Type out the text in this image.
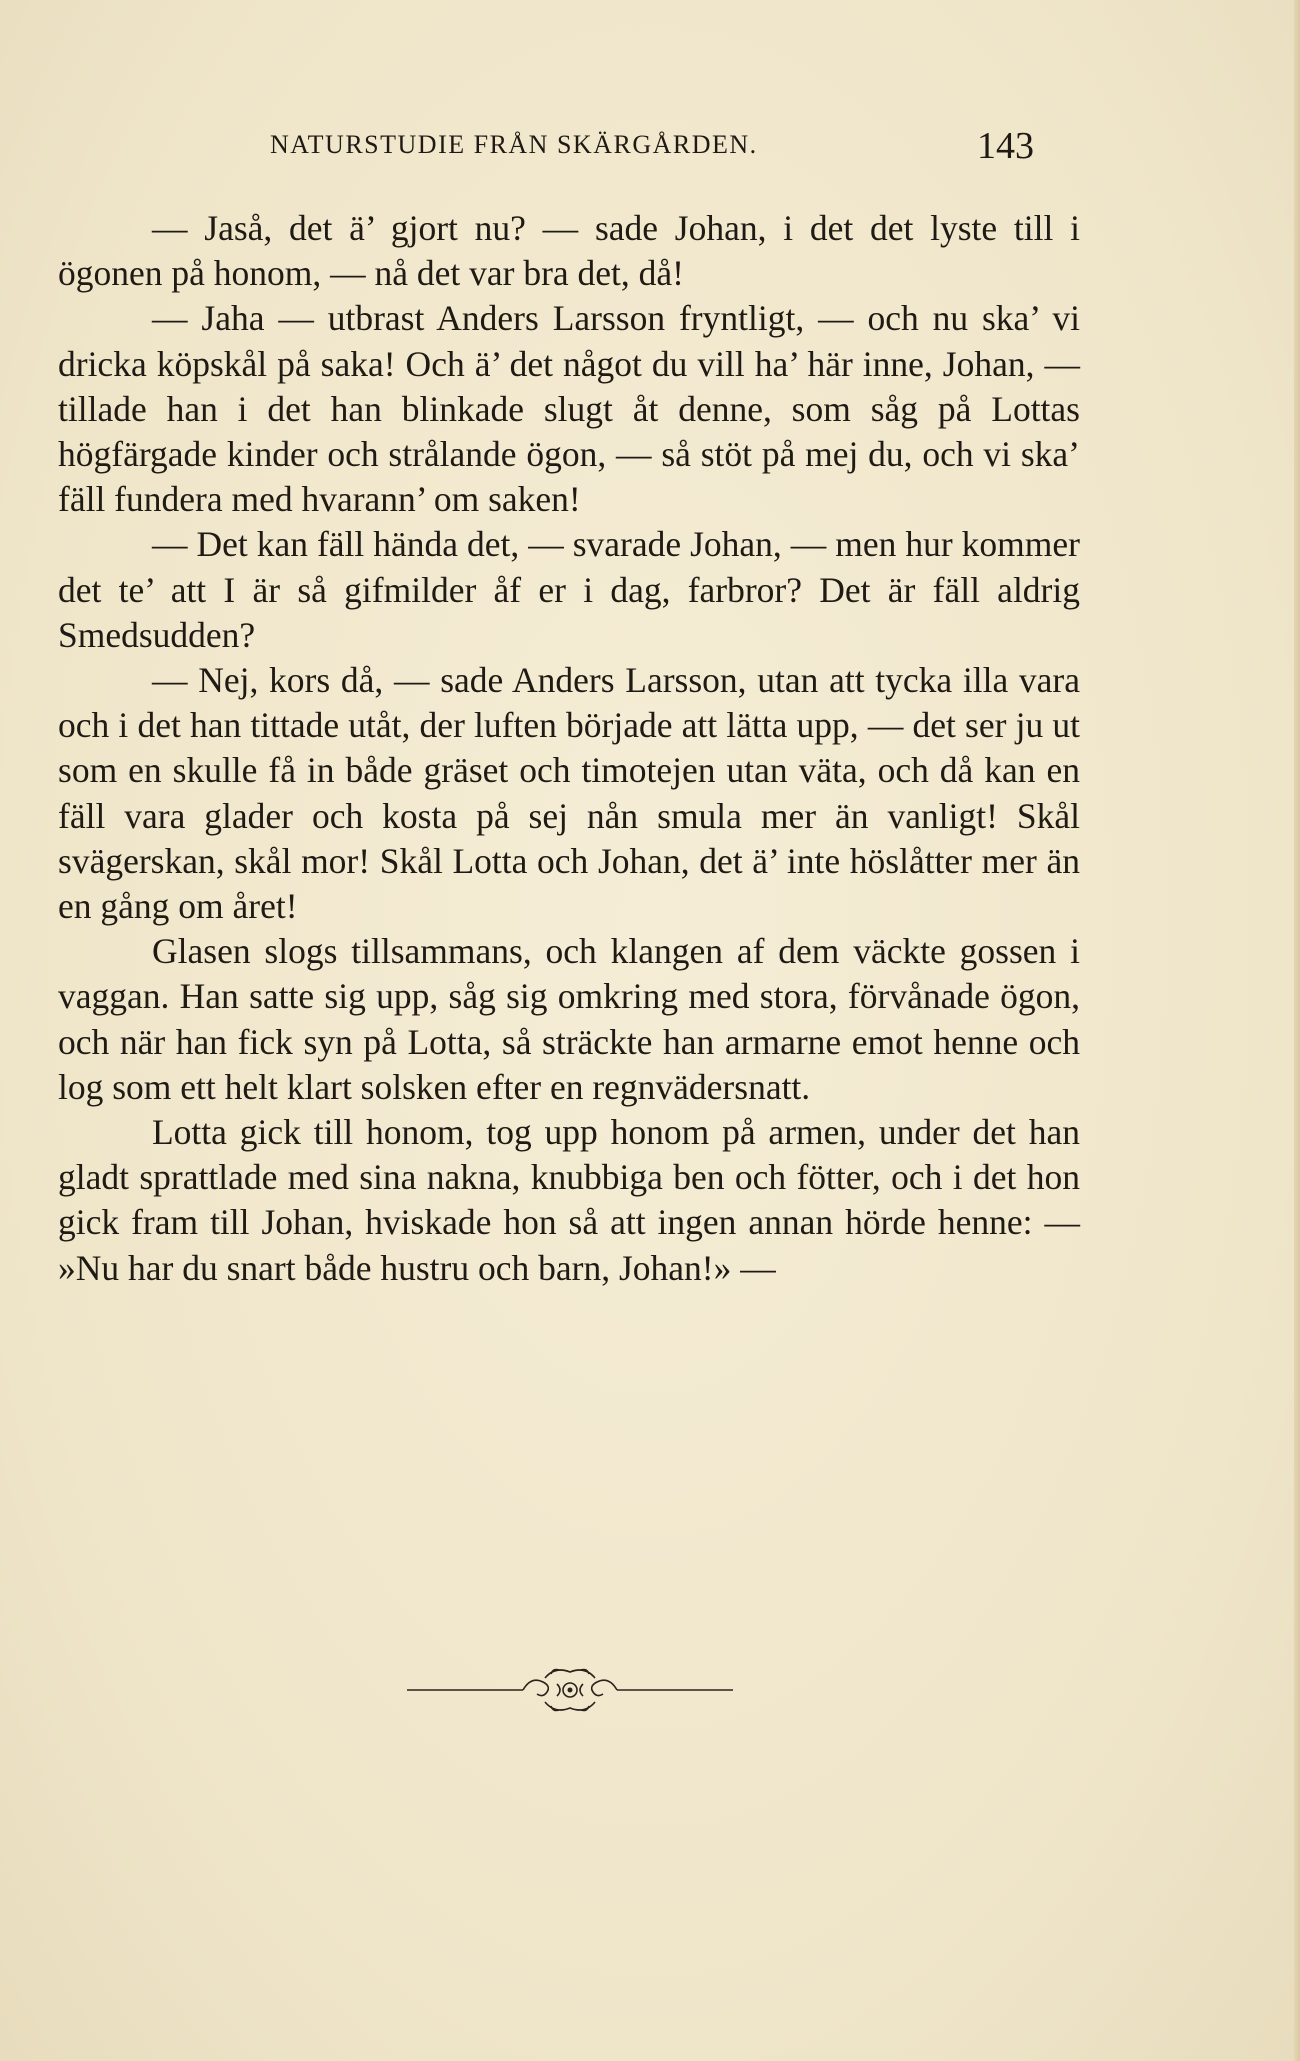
NATURSTUDIE FRÅN SKÄRGÅRDEN.	143

— Jaså, det ä’ gjort nu? — sade Johan, i det det lyste till i ögonen på honom, — nå det var bra det, då!

— Jaha — utbrast Anders Larsson fryntligt, — och nu ska’ vi dricka köpskål på saka! Och ä’ det något du vill ha’ här inne, Johan, — tillade han i det han blinkade slugt åt denne, som såg på Lottas högfärgade kinder och strålande ögon, — så stöt på mej du, och vi ska’ fäll fundera med hvarann’ om saken!

— Det kan fäll hända det, — svarade Johan, — men hur kommer det te’ att I är så gifmilder åf er i dag, farbror? Det är fäll aldrig Smedsudden?

— Nej, kors då, — sade Anders Larsson, utan att tycka illa vara och i det han tittade utåt, der luften började att lätta upp, — det ser ju ut som en skulle få in både gräset och timotejen utan väta, och då kan en fäll vara glader och kosta på sej nån smula mer än vanligt! Skål svägerskan, skål mor! Skål Lotta och Johan, det ä’ inte höslåtter mer än en gång om året!

Glasen slogs tillsammans, och klangen af dem väckte gossen i vaggan. Han satte sig upp, såg sig omkring med stora, förvånade ögon, och när han fick syn på Lotta, så sträckte han armarne emot henne och log som ett helt klart solsken efter en regnvädersnatt.

Lotta gick till honom, tog upp honom på armen, under det han gladt sprattlade med sina nakna, knubbiga ben och fötter, och i det hon gick fram till Johan, hviskade hon så att ingen annan hörde henne: — »Nu har du snart både hustru och barn, Johan!» —
